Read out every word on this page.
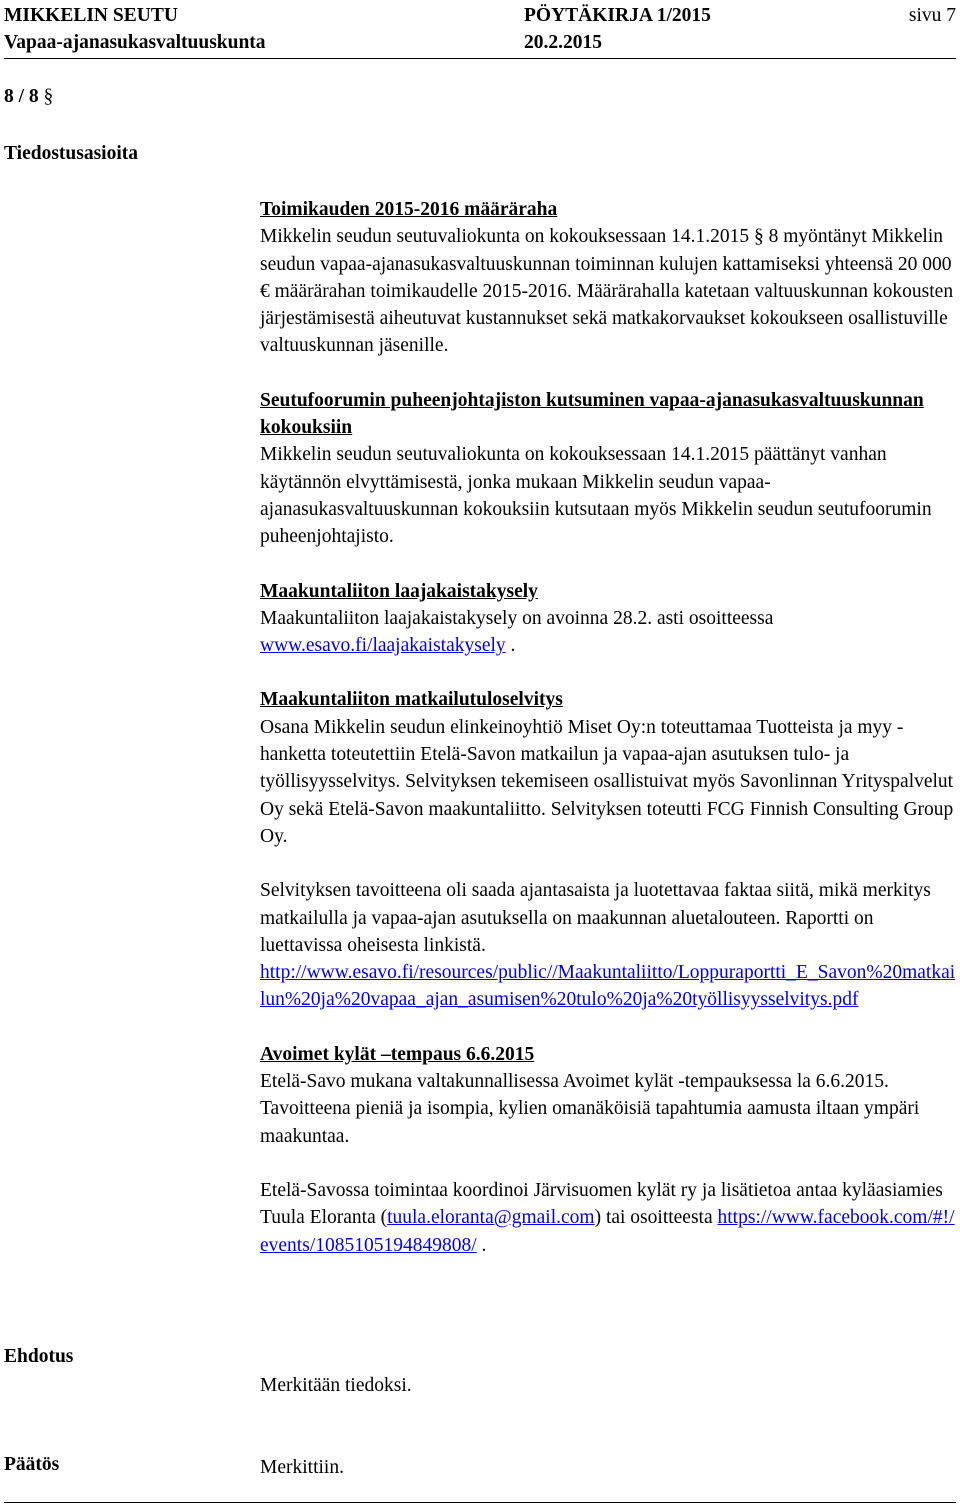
MIKKELIN SEUTU	PÖYTÄKIRJA 1/2015	sivu 7
Vapaa-ajanasukasvaltuuskunta	20.2.2015
8 / 8 §
Tiedostusasioita

Toimikauden 2015-2016 määräraha

Mikkelin seudun seutuvaliokunta on kokouksessaan 14.1.2015 § 8 myöntänyt Mikkelin seudun vapaa-ajanasukasvaltuuskunnan toiminnan kulujen kattamiseksi yhteensä 20 000 € määrärahan toimikaudelle 2015-2016. Määrärahalla katetaan valtuuskunnan kokousten järjestämisestä aiheutuvat kustannukset sekä matkakorvaukset kokoukseen osallistuville valtuuskunnan jäsenille.

Seutufoorumin puheenjohtajiston kutsuminen vapaa-ajanasukasvaltuuskunnan kokouksiin

Mikkelin seudun seutuvaliokunta on kokouksessaan 14.1.2015 päättänyt vanhan käytännön elvyttämisestä, jonka mukaan Mikkelin seudun vapaa-ajanasukasvaltuuskunnan kokouksiin kutsutaan myös Mikkelin seudun seutufoorumin puheenjohtajisto.

Maakuntaliiton laajakaistakysely

Maakuntaliiton laajakaistakysely on avoinna 28.2. asti osoitteessa
www.esavo.fi/laajakaistakysely .

Maakuntaliiton matkailutuloselvitys

Osana Mikkelin seudun elinkeinoyhtiö Miset Oy:n toteuttamaa Tuotteista ja myy -hanketta toteutettiin Etelä-Savon matkailun ja vapaa-ajan asutuksen tulo- ja työllisyysselvitys. Selvityksen tekemiseen osallistuivat myös Savonlinnan Yrityspalvelut Oy sekä Etelä-Savon maakuntaliitto. Selvityksen toteutti FCG Finnish Consulting Group Oy.

Selvityksen tavoitteena oli saada ajantasaista ja luotettavaa faktaa siitä, mikä merkitys matkailulla ja vapaa-ajan asutuksella on maakunnan aluetalouteen. Raportti on luettavissa oheisesta linkistä.

http://www.esavo.fi/resources/public//Maakuntaliitto/Loppuraportti_E_Savon%20matkailun%20ja%20vapaa_ajan_asumisen%20tulo%20ja%20työllisyysselvitys.pdf

Avoimet kylät –tempaus 6.6.2015

Etelä-Savo mukana valtakunnallisessa Avoimet kylät -tempauksessa la 6.6.2015. Tavoitteena pieniä ja isompia, kylien omanäköisiä tapahtumia aamusta iltaan ympäri maakuntaa.

Etelä-Savossa toimintaa koordinoi Järvisuomen kylät ry ja lisätietoa antaa kyläasiamies Tuula Eloranta (tuula.eloranta@gmail.com) tai osoitteesta https://www.facebook.com/#!/events/1085105194849808/ .

Ehdotus
Merkitään tiedoksi.
Päätös	Merkittiin.
